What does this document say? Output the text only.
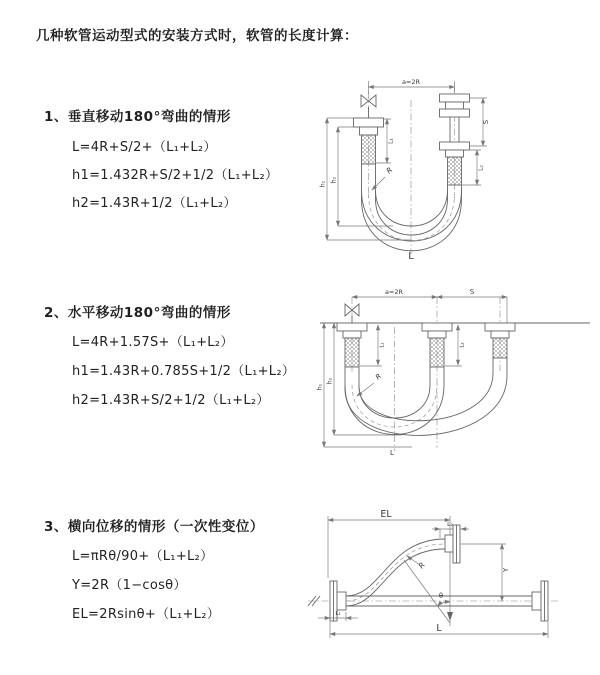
几种软管运动型式的安装方式时，软管的长度计算：
1、垂直移动180°弯曲的情形
L=4R+S/2+（L₁+L₂）
h1=1.432R+S/2+1/2（L₁+L₂）
h2=1.43R+1/2（L₁+L₂）
a=2R
h₁
h₂
L₁
S
L₂
R
L
2、水平移动180°弯曲的情形
L=4R+1.57S+（L₁+L₂）
h1=1.43R+0.785S+1/2（L₁+L₂）
h2=1.43R+S/2+1/2（L₁+L₂）
a=2R	S
h₁
h₂
L₁	L₂
R
L
3、横向位移的情形（一次性变位）
L=πRθ/90+（L₁+L₂）
Y=2R（1−cosθ）
EL=2Rsinθ+（L₁+L₂）
EL
L₂
Y
R
θ
L₁
L
